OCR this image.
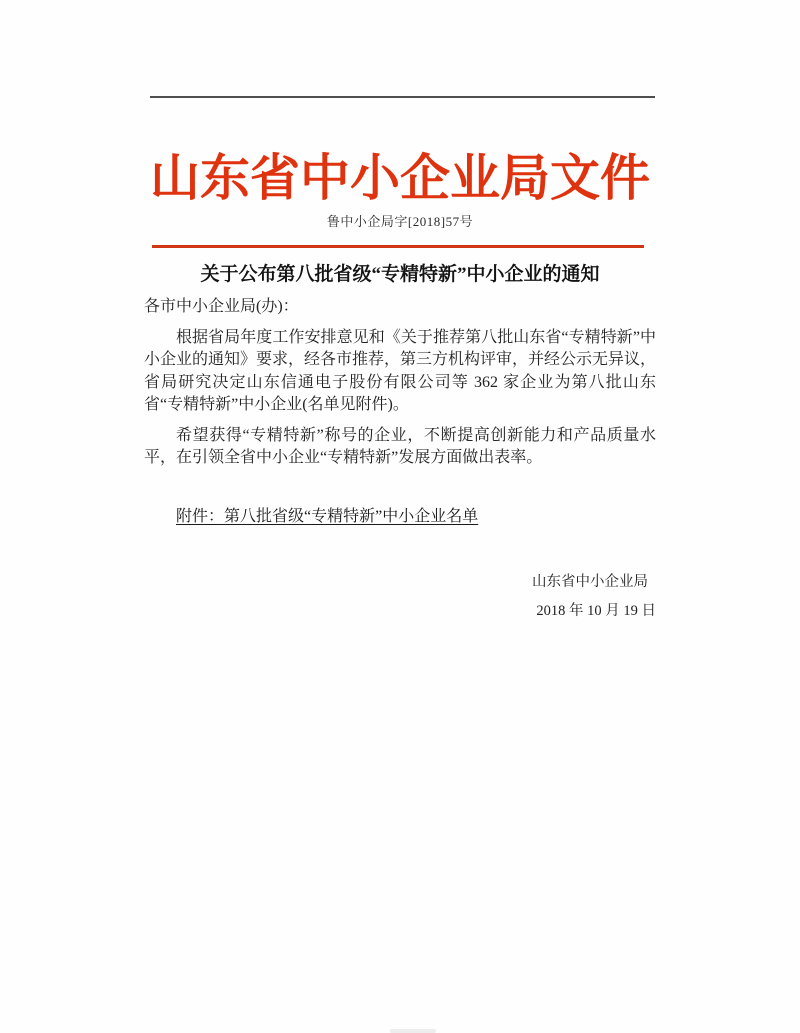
山东省中小企业局文件
鲁中小企局字[2018]57号
关于公布第八批省级“专精特新”中小企业的通知

各市中小企业局(办)：

根据省局年度工作安排意见和《关于推荐第八批山东省“专精特新”中小企业的通知》要求，经各市推荐，第三方机构评审，并经公示无异议，省局研究决定山东信通电子股份有限公司等 362 家企业为第八批山东省“专精特新”中小企业(名单见附件)。

希望获得“专精特新”称号的企业，不断提高创新能力和产品质量水平，在引领全省中小企业“专精特新”发展方面做出表率。

附件：第八批省级“专精特新”中小企业名单

山东省中小企业局
2018 年 10 月 19 日
